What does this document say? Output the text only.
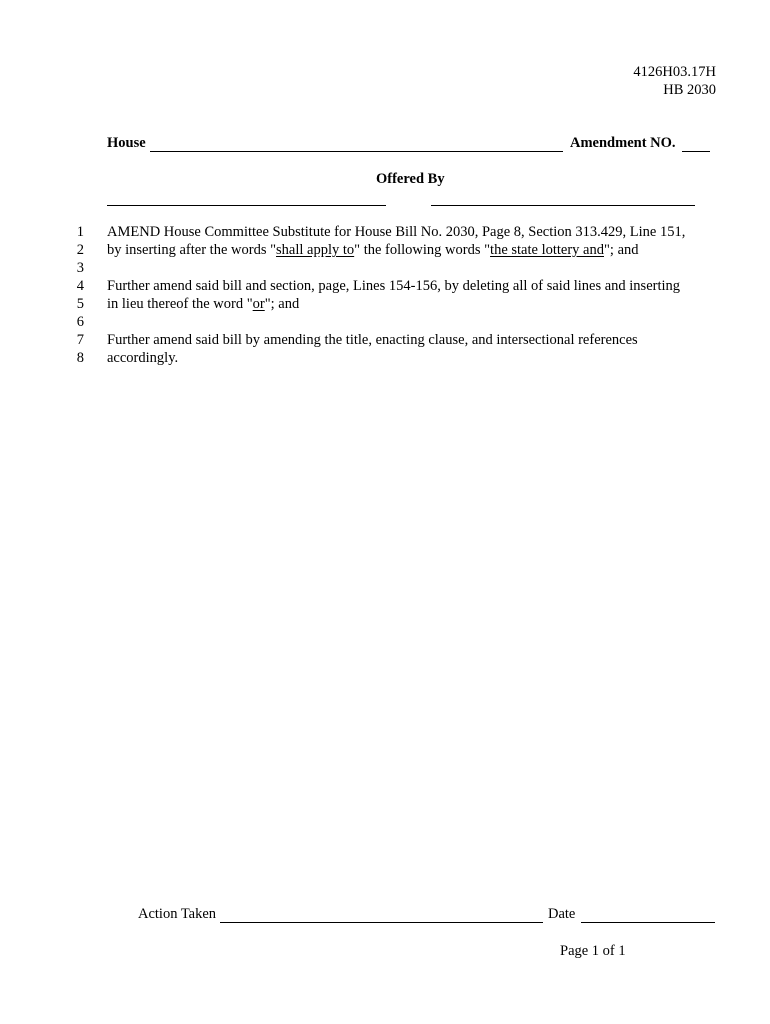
4126H03.17H
HB 2030
House	Amendment NO.
Offered By
1
2
3
4
5
6
7
8
AMEND House Committee Substitute for House Bill No. 2030, Page 8, Section 313.429, Line 151,
by inserting after the words "shall apply to" the following words "the state lottery and"; and
Further amend said bill and section, page, Lines 154-156, by deleting all of said lines and inserting
in lieu thereof the word "or"; and
Further amend said bill by amending the title, enacting clause, and intersectional references
accordingly.
Action Taken	Date
Page 1 of 1
